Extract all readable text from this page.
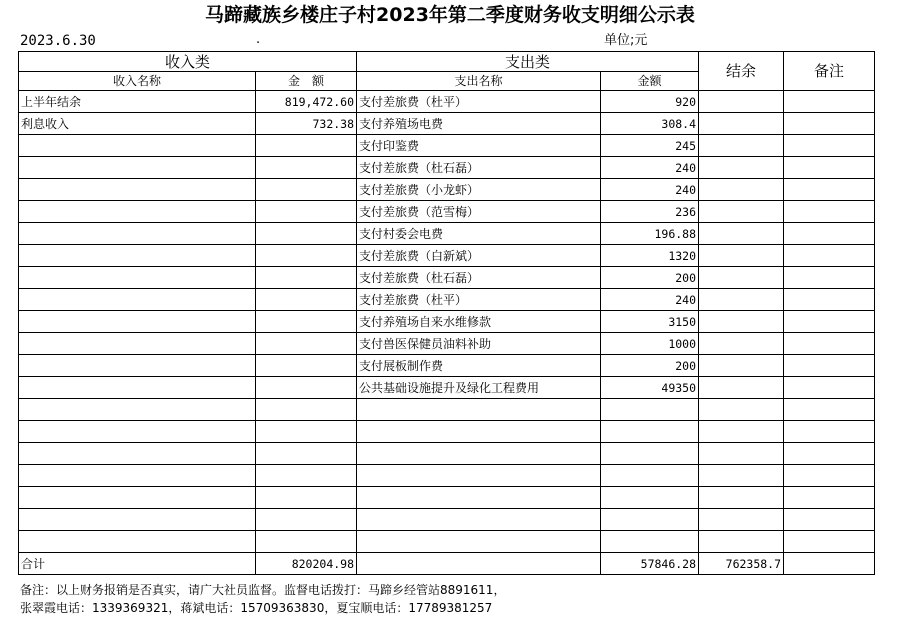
马蹄藏族乡楼庄子村2023年第二季度财务收支明细公示表
2023.6.30	.	单位;元
收入类		支出类		结余	备注
收入名称	金　额	支出名称	金额		
上半年结余	819,472.60	支付差旅费（杜平）	920		
利息收入	732.38	支付养殖场电费	308.4		
		支付印鉴费	245		
		支付差旅费（杜石磊）	240		
		支付差旅费（小龙虾）	240		
		支付差旅费（范雪梅）	236		
		支付村委会电费	196.88		
		支付差旅费（白新斌）	1320		
		支付差旅费（杜石磊）	200		
		支付差旅费（杜平）	240		
		支付养殖场自来水维修款	3150		
		支付兽医保健员油料补助	1000		
		支付展板制作费	200		
		公共基础设施提升及绿化工程费用	49350		

合计	820204.98		57846.28	762358.7	
备注：以上财务报销是否真实，请广大社员监督。监督电话拨打：马蹄乡经管站8891611，
张翠霞电话：1339369321，蒋斌电话：15709363830，夏宝顺电话：17789381257
